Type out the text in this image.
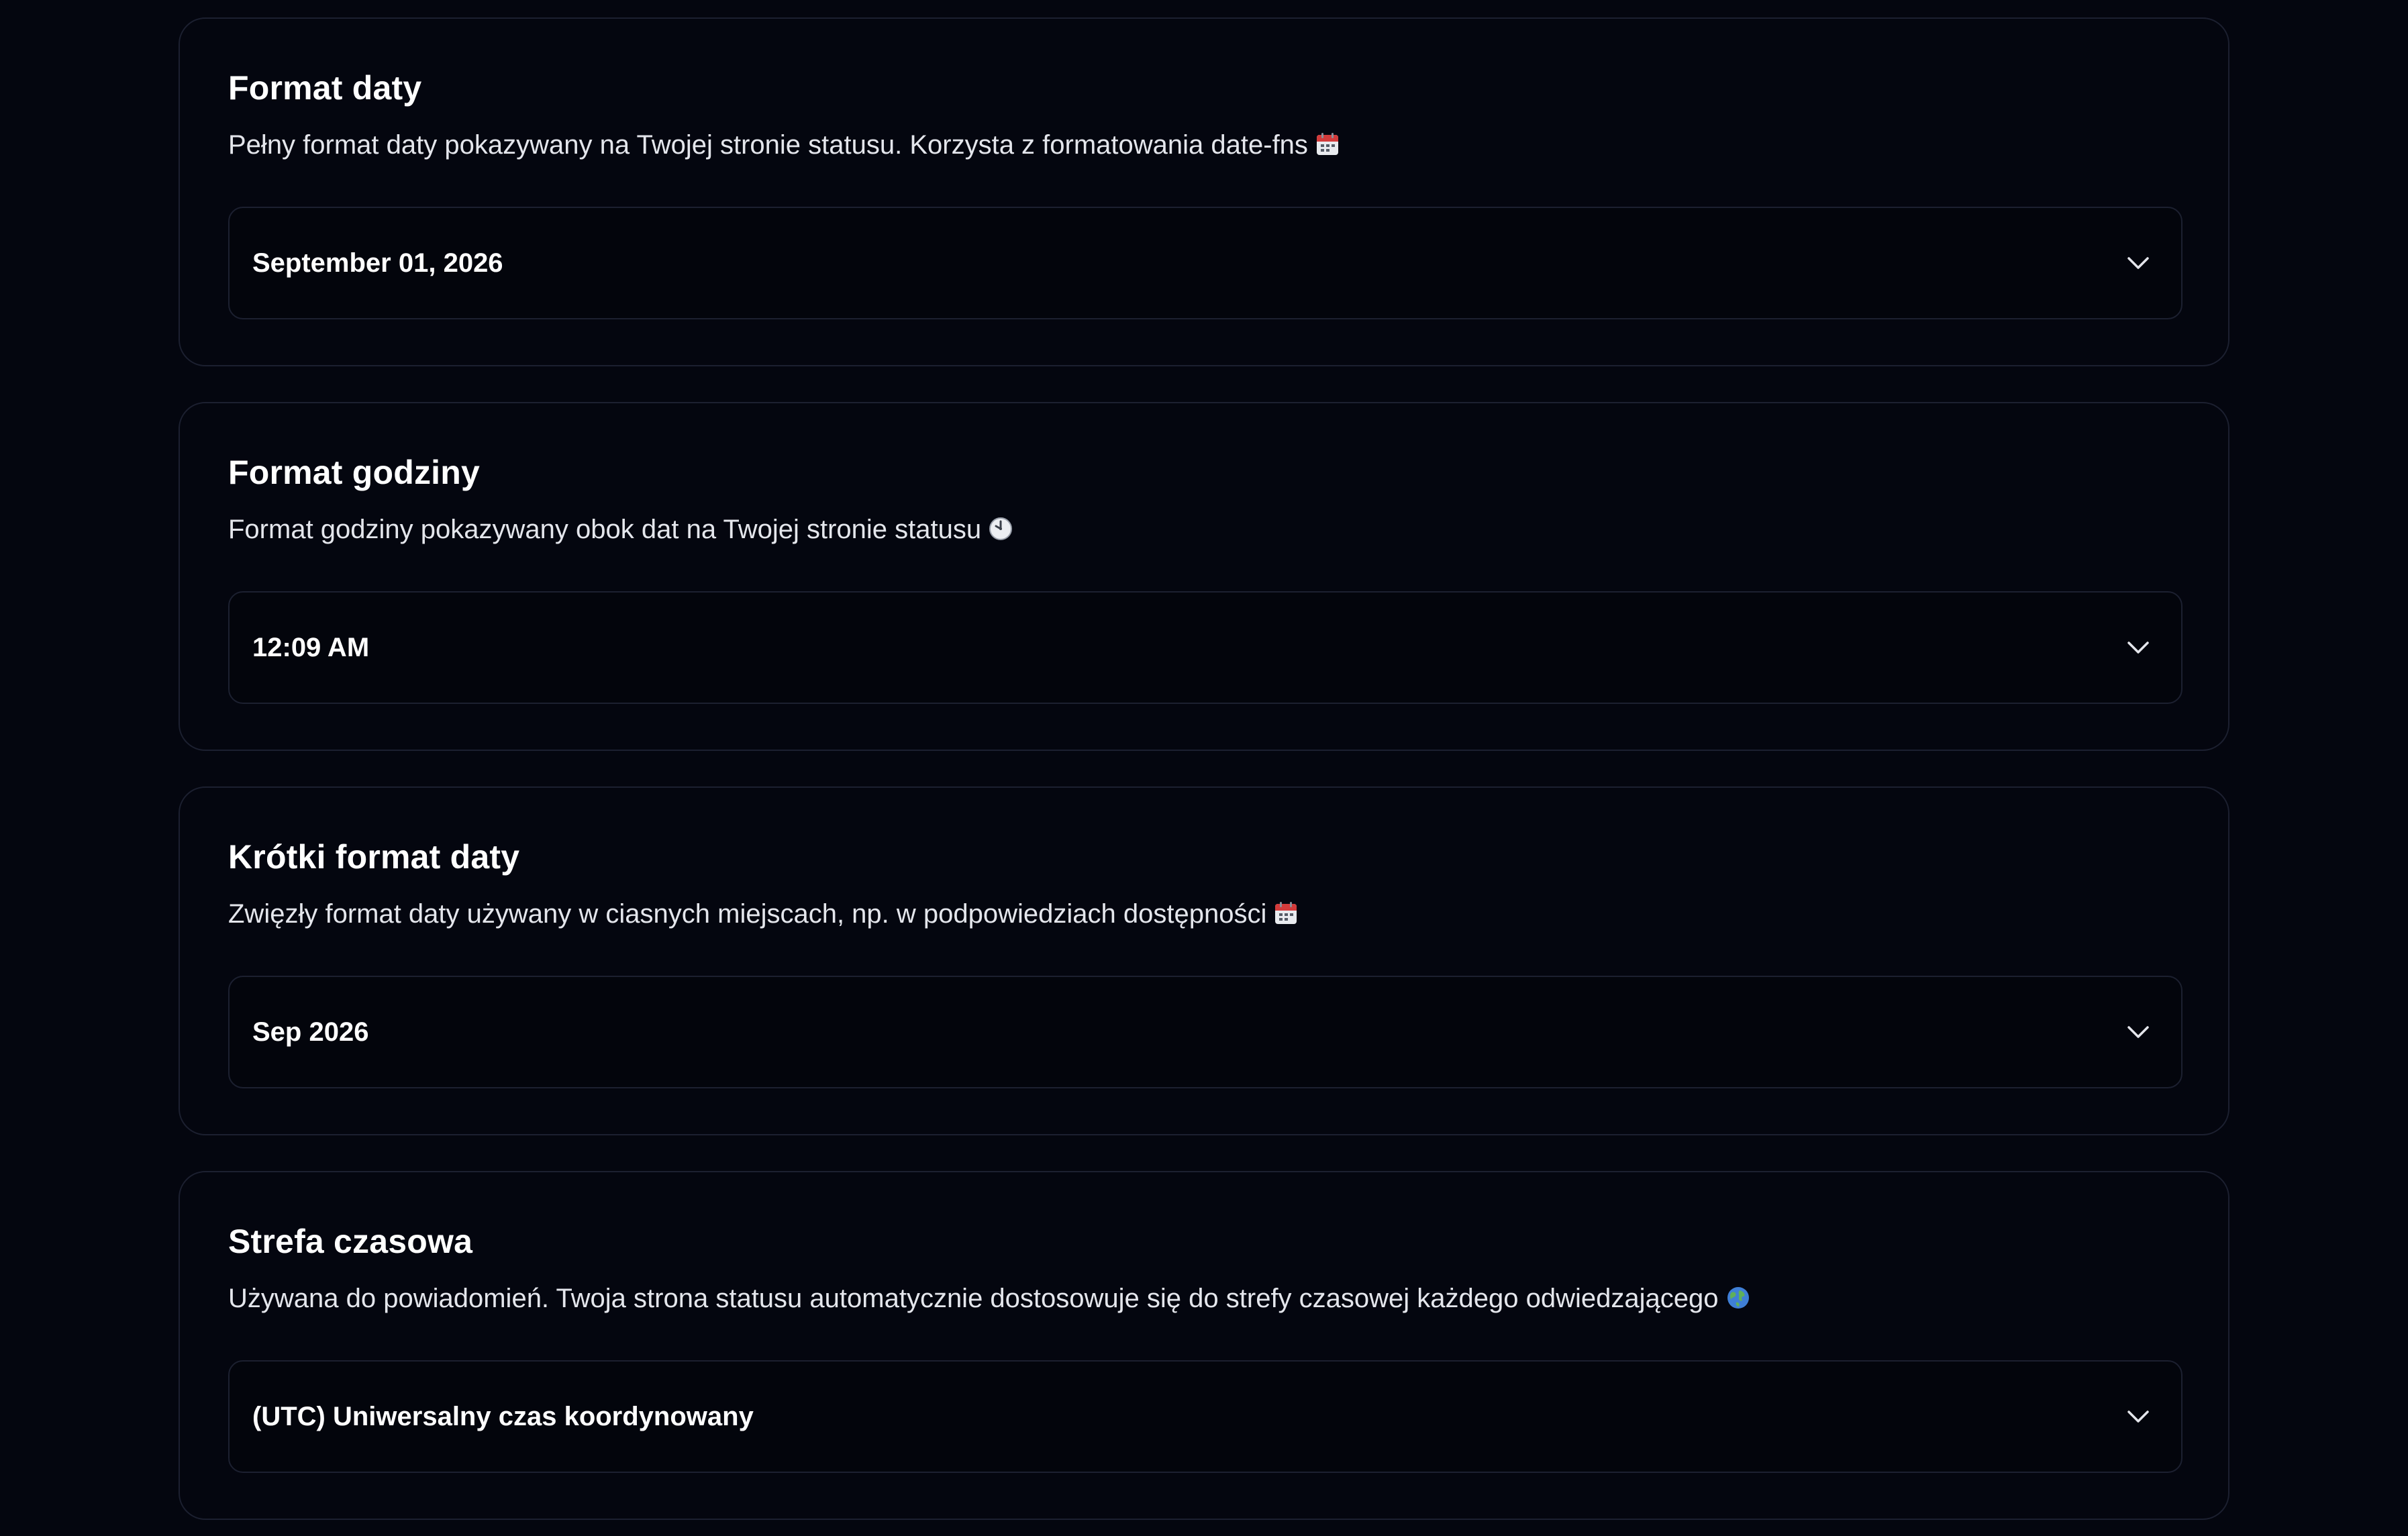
Format daty
Pełny format daty pokazywany na Twojej stronie statusu. Korzysta z formatowania date-fns
September 01, 2026
Format godziny
Format godziny pokazywany obok dat na Twojej stronie statusu
12:09 AM
Krótki format daty
Zwięzły format daty używany w ciasnych miejscach, np. w podpowiedziach dostępności
Sep 2026
Strefa czasowa
Używana do powiadomień. Twoja strona statusu automatycznie dostosowuje się do strefy czasowej każdego odwiedzającego
(UTC) Uniwersalny czas koordynowany
